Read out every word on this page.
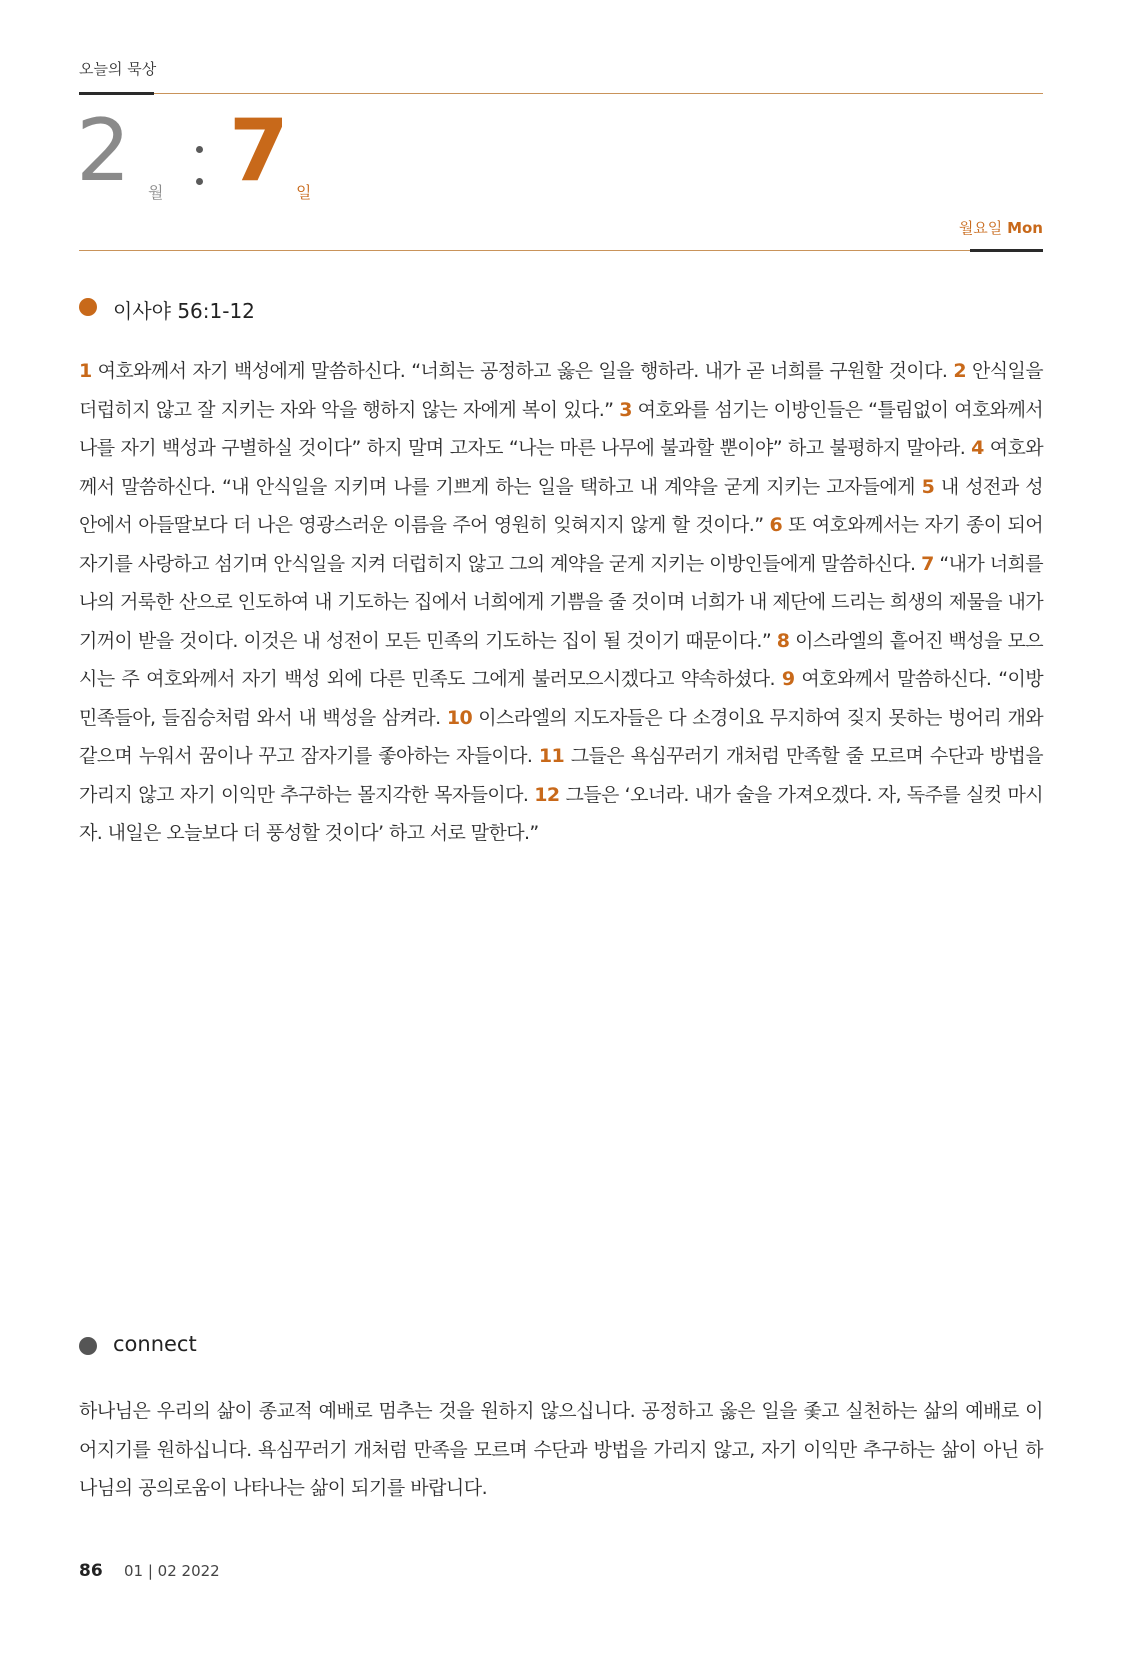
오늘의 묵상
2 월 7 일
월요일 Mon
이사야 56:1-12
1 여호와께서 자기 백성에게 말씀하신다. “너희는 공정하고 옳은 일을 행하라. 내가 곧 너희를 구원할 것이다. 2 안식일을 더럽히지 않고 잘 지키는 자와 악을 행하지 않는 자에게 복이 있다.” 3 여호와를 섬기는 이방인들은 “틀림없이 여호와께서 나를 자기 백성과 구별하실 것이다” 하지 말며 고자도 “나는 마른 나무에 불과할 뿐이야” 하고 불평하지 말아라. 4 여호와께서 말씀하신다. “내 안식일을 지키며 나를 기쁘게 하는 일을 택하고 내 계약을 굳게 지키는 고자들에게 5 내 성전과 성 안에서 아들딸보다 더 나은 영광스러운 이름을 주어 영원히 잊혀지지 않게 할 것이다.” 6 또 여호와께서는 자기 종이 되어 자기를 사랑하고 섬기며 안식일을 지켜 더럽히지 않고 그의 계약을 굳게 지키는 이방인들에게 말씀하신다. 7 “내가 너희를 나의 거룩한 산으로 인도하여 내 기도하는 집에서 너희에게 기쁨을 줄 것이며 너희가 내 제단에 드리는 희생의 제물을 내가 기꺼이 받을 것이다. 이것은 내 성전이 모든 민족의 기도하는 집이 될 것이기 때문이다.” 8 이스라엘의 흩어진 백성을 모으시는 주 여호와께서 자기 백성 외에 다른 민족도 그에게 불러모으시겠다고 약속하셨다. 9 여호와께서 말씀하신다. “이방 민족들아, 들짐승처럼 와서 내 백성을 삼켜라. 10 이스라엘의 지도자들은 다 소경이요 무지하여 짖지 못하는 벙어리 개와 같으며 누워서 꿈이나 꾸고 잠자기를 좋아하는 자들이다. 11 그들은 욕심꾸러기 개처럼 만족할 줄 모르며 수단과 방법을 가리지 않고 자기 이익만 추구하는 몰지각한 목자들이다. 12 그들은 ‘오너라. 내가 술을 가져오겠다. 자, 독주를 실컷 마시자. 내일은 오늘보다 더 풍성할 것이다’ 하고 서로 말한다.”
connect
하나님은 우리의 삶이 종교적 예배로 멈추는 것을 원하지 않으십니다. 공정하고 옳은 일을 좇고 실천하는 삶의 예배로 이어지기를 원하십니다. 욕심꾸러기 개처럼 만족을 모르며 수단과 방법을 가리지 않고, 자기 이익만 추구하는 삶이 아닌 하나님의 공의로움이 나타나는 삶이 되기를 바랍니다.
86 01 | 02 2022
